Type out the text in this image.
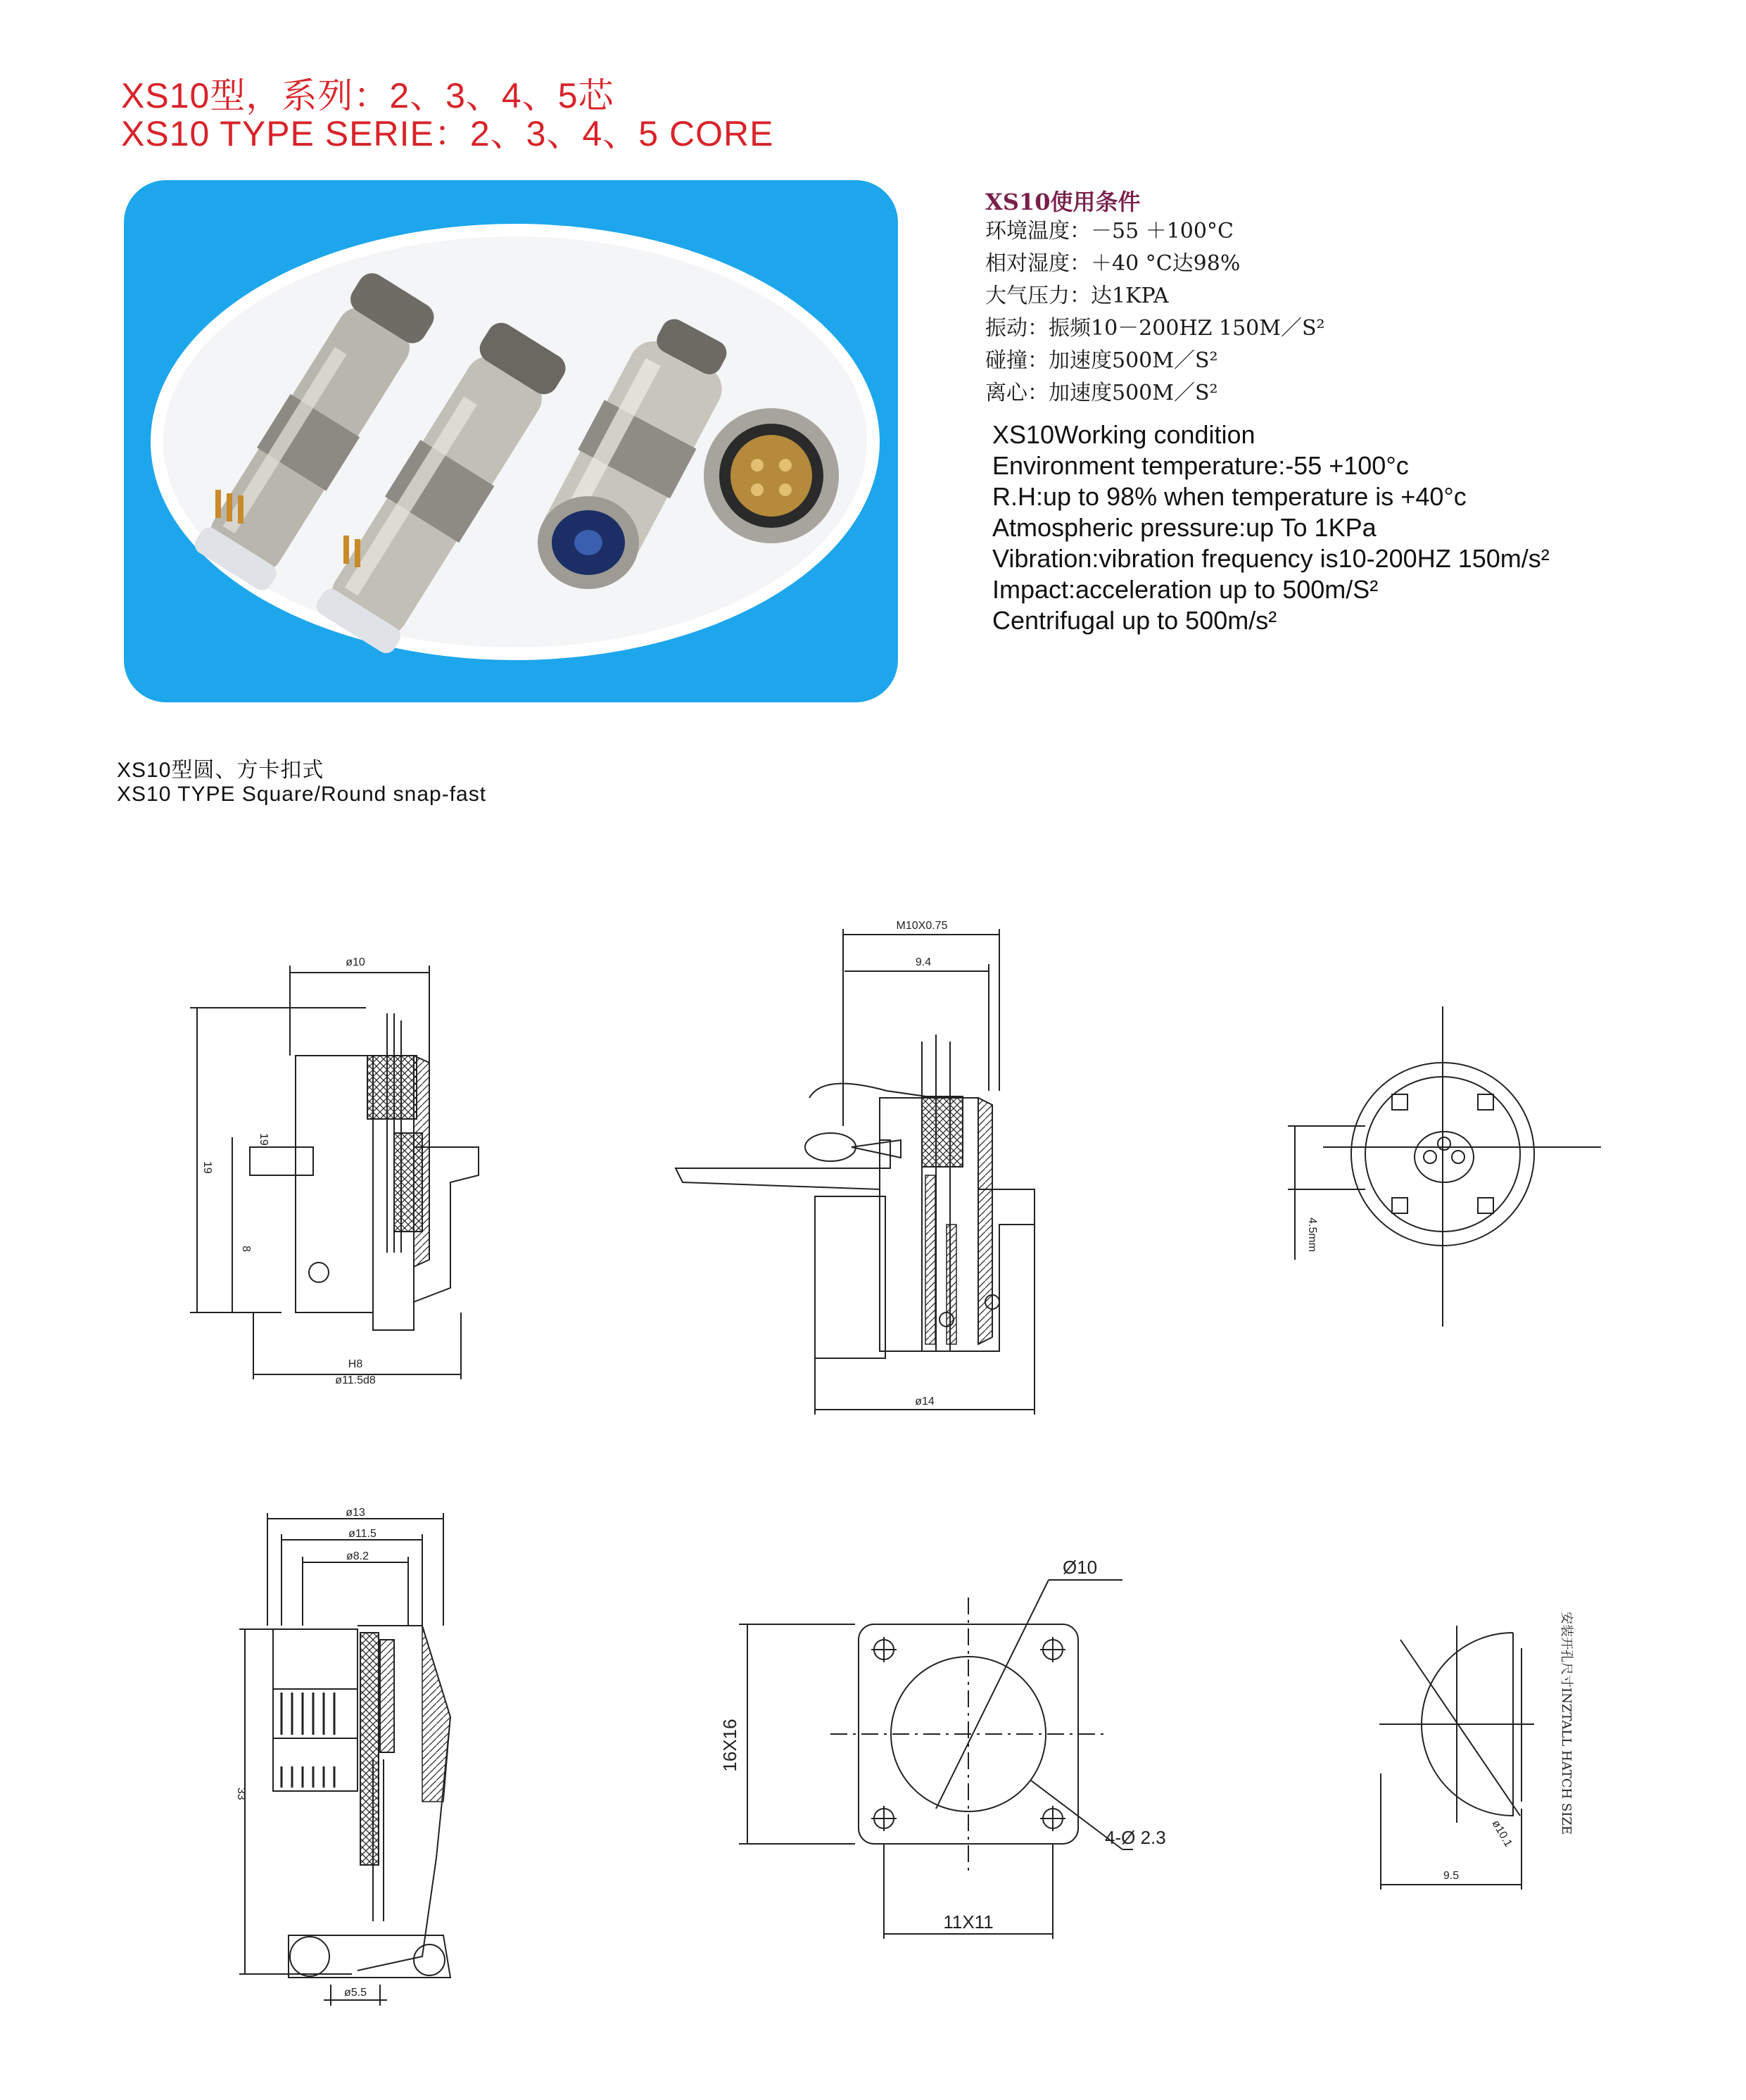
XS10型，系列：2、3、4、5芯
XS10 TYPE SERIE：2、3、4、5 CORE
XS10使用条件
环境温度：－55 ＋100°C
相对湿度：＋40 °C达98%
大气压力：达1KPA
振动：振频10－200HZ 150M／S²
碰撞：加速度500M／S²
离心：加速度500M／S²
XS10Working condition
Environment temperature:-55 +100°c
R.H:up to 98% when temperature is +40°c
Atmospheric pressure:up To 1KPa
Vibration:vibration frequency is10-200HZ 150m/s²
Impact:acceleration up to 500m/S²
Centrifugal up to 500m/s²
XS10型圆、方卡扣式
XS10 TYPE Square/Round snap-fast
ø10
19
19
8
H8
ø11.5d8
M10X0.75
9.4
ø14
4.5mm
ø13
ø11.5
ø8.2
33
ø5.5
Ø10
16X16
4-Ø 2.3
11X11
ø10.1
9.5
安装开孔尺寸INZTALL HATCH SIZE
